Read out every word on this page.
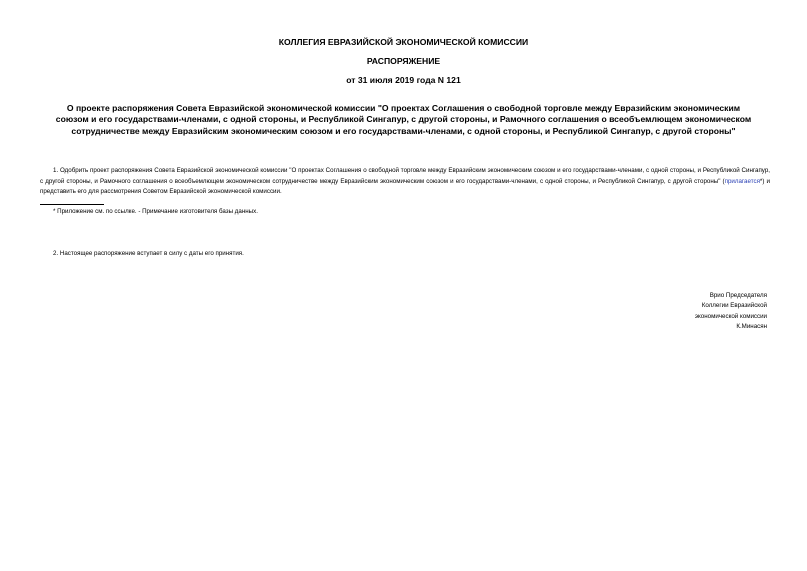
КОЛЛЕГИЯ ЕВРАЗИЙСКОЙ ЭКОНОМИЧЕСКОЙ КОМИССИИ
РАСПОРЯЖЕНИЕ
от 31 июля 2019 года N 121
О проекте распоряжения Совета Евразийской экономической комиссии "О проектах Соглашения о свободной торговле между Евразийским экономическим союзом и его государствами-членами, с одной стороны, и Республикой Сингапур, с другой стороны, и Рамочного соглашения о всеобъемлющем экономическом сотрудничестве между Евразийским экономическим союзом и его государствами-членами, с одной стороны, и Республикой Сингапур, с другой стороны"
1. Одобрить проект распоряжения Совета Евразийской экономической комиссии "О проектах Соглашения о свободной торговле между Евразийским экономическим союзом и его государствами-членами, с одной стороны, и Республикой Сингапур, с другой стороны, и Рамочного соглашения о всеобъемлющем экономическом сотрудничестве между Евразийским экономическим союзом и его государствами-членами, с одной стороны, и Республикой Сингапур, с другой стороны" (прилагается*) и представить его для рассмотрения Советом Евразийской экономической комиссии.
* Приложение см. по ссылке. - Примечание изготовителя базы данных.
2. Настоящее распоряжение вступает в силу с даты его принятия.
Врио Председателя
Коллегии Евразийской
экономической комиссии
К.Минасян
